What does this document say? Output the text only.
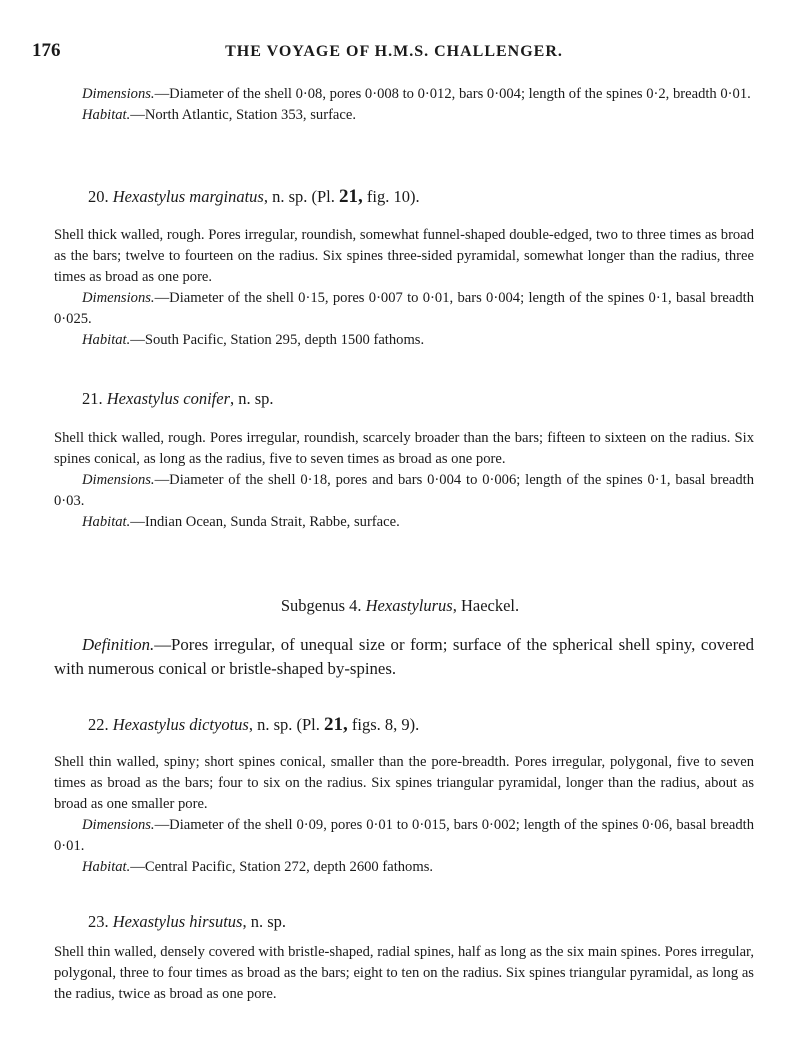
176	THE VOYAGE OF H.M.S. CHALLENGER.

Dimensions.—Diameter of the shell 0·08, pores 0·008 to 0·012, bars 0·004; length of the spines 0·2, breadth 0·01.

Habitat.—North Atlantic, Station 353, surface.

20. Hexastylus marginatus, n. sp. (Pl. 21, fig. 10).

Shell thick walled, rough. Pores irregular, roundish, somewhat funnel-shaped double-edged, two to three times as broad as the bars; twelve to fourteen on the radius. Six spines three-sided pyramidal, somewhat longer than the radius, three times as broad as one pore.

Dimensions.—Diameter of the shell 0·15, pores 0·007 to 0·01, bars 0·004; length of the spines 0·1, basal breadth 0·025.

Habitat.—South Pacific, Station 295, depth 1500 fathoms.

21. Hexastylus conifer, n. sp.

Shell thick walled, rough. Pores irregular, roundish, scarcely broader than the bars; fifteen to sixteen on the radius. Six spines conical, as long as the radius, five to seven times as broad as one pore.

Dimensions.—Diameter of the shell 0·18, pores and bars 0·004 to 0·006; length of the spines 0·1, basal breadth 0·03.

Habitat.—Indian Ocean, Sunda Strait, Rabbe, surface.

Subgenus 4. Hexastylurus, Haeckel.

Definition.—Pores irregular, of unequal size or form; surface of the spherical shell spiny, covered with numerous conical or bristle-shaped by-spines.

22. Hexastylus dictyotus, n. sp. (Pl. 21, figs. 8, 9).

Shell thin walled, spiny; short spines conical, smaller than the pore-breadth. Pores irregular, polygonal, five to seven times as broad as the bars; four to six on the radius. Six spines triangular pyramidal, longer than the radius, about as broad as one smaller pore.

Dimensions.—Diameter of the shell 0·09, pores 0·01 to 0·015, bars 0·002; length of the spines 0·06, basal breadth 0·01.

Habitat.—Central Pacific, Station 272, depth 2600 fathoms.

23. Hexastylus hirsutus, n. sp.

Shell thin walled, densely covered with bristle-shaped, radial spines, half as long as the six main spines. Pores irregular, polygonal, three to four times as broad as the bars; eight to ten on the radius. Six spines triangular pyramidal, as long as the radius, twice as broad as one pore.
